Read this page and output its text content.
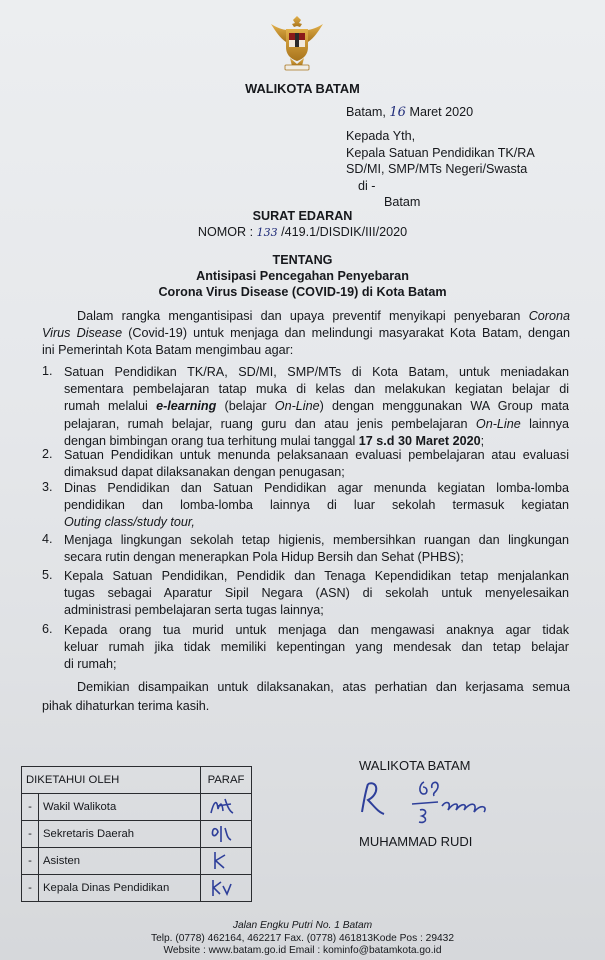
WALIKOTA BATAM
Batam, 16 Maret 2020
Kepada Yth,
Kepala Satuan Pendidikan TK/RA
SD/MI, SMP/MTs Negeri/Swasta
di -
Batam
SURAT EDARAN
NOMOR : 133 /419.1/DISDIK/III/2020
TENTANG
Antisipasi Pencegahan Penyebaran
Corona Virus Disease (COVID-19) di Kota Batam

Dalam rangka mengantisipasi dan upaya preventif menyikapi penyebaran Corona

Virus Disease (Covid-19) untuk menjaga dan melindungi masyarakat Kota Batam, dengan

ini Pemerintah Kota Batam mengimbau agar:

1. Satuan Pendidikan TK/RA, SD/MI, SMP/MTs di Kota Batam, untuk meniadakan

sementara pembelajaran tatap muka di kelas dan melakukan kegiatan belajar di

rumah melalui e-learning (belajar On-Line) dengan menggunakan WA Group mata

pelajaran, rumah belajar, ruang guru dan atau jenis pembelajaran On-Line lainnya

dengan bimbingan orang tua terhitung mulai tanggal 17 s.d 30 Maret 2020;

2. Satuan Pendidikan untuk menunda pelaksanaan evaluasi pembelajaran atau evaluasi

dimaksud dapat dilaksanakan dengan penugasan;

3. Dinas Pendidikan dan Satuan Pendidikan agar menunda kegiatan lomba-lomba

pendidikan dan lomba-lomba lainnya di luar sekolah termasuk kegiatan

Outing class/study tour,

4. Menjaga lingkungan sekolah tetap higienis, membersihkan ruangan dan lingkungan

secara rutin dengan menerapkan Pola Hidup Bersih dan Sehat (PHBS);

5. Kepala Satuan Pendidikan, Pendidik dan Tenaga Kependidikan tetap menjalankan

tugas sebagai Aparatur Sipil Negara (ASN) di sekolah untuk menyelesaikan

administrasi pembelajaran serta tugas lainnya;

6. Kepada orang tua murid untuk menjaga dan mengawasi anaknya agar tidak

keluar rumah jika tidak memiliki kepentingan yang mendesak dan tetap belajar

di rumah;

Demikian disampaikan untuk dilaksanakan, atas perhatian dan kerjasama semua

pihak dihaturkan terima kasih.

DIKETAHUI OLEH		PARAF
-	Wakil Walikota	
-	Sekretaris Daerah	
-	Asisten	
-	Kepala Dinas Pendidikan	
WALIKOTA BATAM
MUHAMMAD RUDI
Jalan Engku Putri No. 1 Batam
Telp. (0778) 462164, 462217 Fax. (0778) 461813Kode Pos : 29432
Website : www.batam.go.id Email : kominfo@batamkota.go.id
